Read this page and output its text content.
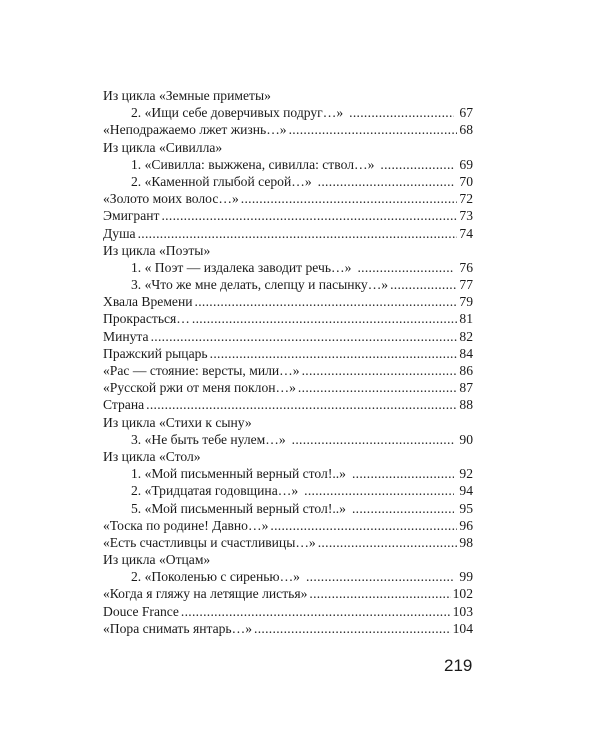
Из цикла «Земные приметы»
2. «Ищи себе доверчивых подруг…» .....	67
«Неподражаемо лжет жизнь…» .....	68
Из цикла «Сивилла»
1. «Сивилла: выжжена, сивилла: ствол…» .....	69
2. «Каменной глыбой серой…» .....	70
«Золото моих волос…» .....	72
Эмигрант .....	73
Душа .....	74
Из цикла «Поэты»
1. « Поэт — издалека заводит речь…» .....	76
3. «Что же мне делать, слепцу и пасынку…» .....	77
Хвала Времени .....	79
Прокрасться… .....	81
Минута .....	82
Пражский рыцарь .....	84
«Рас — стояние: версты, мили…» .....	86
«Русской ржи от меня поклон…» .....	87
Страна .....	88
Из цикла «Стихи к сыну»
3. «Не быть тебе нулем…» .....	90
Из цикла «Стол»
1. «Мой письменный верный стол!..» .....	92
2. «Тридцатая годовщина…» .....	94
5. «Мой письменный верный стол!..» .....	95
«Тоска по родине! Давно…» .....	96
«Есть счастливцы и счастливицы…» .....	98
Из цикла «Отцам»
2. «Поколенью с сиренью…» .....	99
«Когда я гляжу на летящие листья» .....	102
Douce France .....	103
«Пора снимать янтарь…» .....	104
219
